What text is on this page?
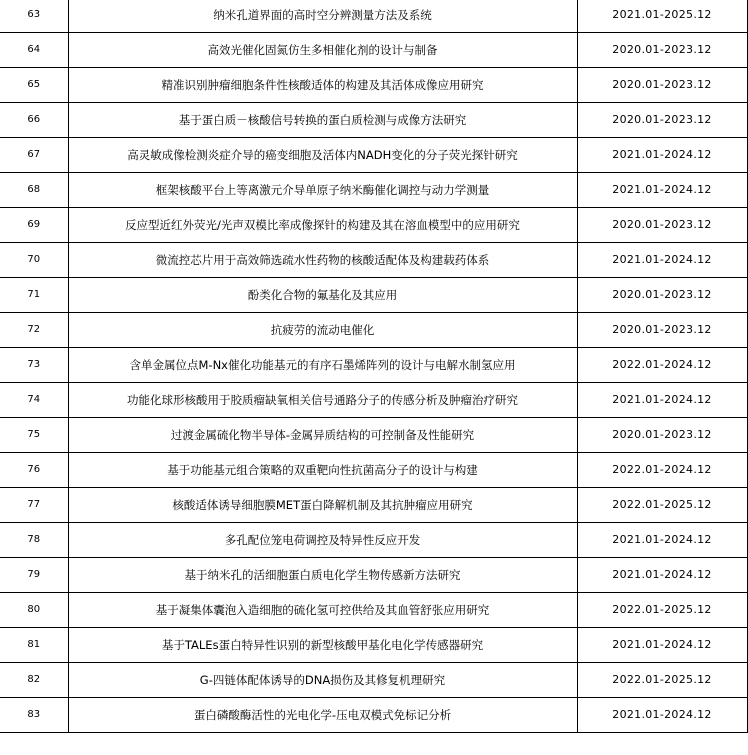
63	纳米孔道界面的高时空分辨测量方法及系统	2021.01-2025.12
64	高效光催化固氮仿生多相催化剂的设计与制备	2020.01-2023.12
65	精准识别肿瘤细胞条件性核酸适体的构建及其活体成像应用研究	2020.01-2023.12
66	基于蛋白质－核酸信号转换的蛋白质检测与成像方法研究	2020.01-2023.12
67	高灵敏成像检测炎症介导的癌变细胞及活体内NADH变化的分子荧光探针研究	2021.01-2024.12
68	框架核酸平台上等离激元介导单原子纳米酶催化调控与动力学测量	2021.01-2024.12
69	反应型近红外荧光/光声双模比率成像探针的构建及其在溶血模型中的应用研究	2020.01-2023.12
70	微流控芯片用于高效筛选疏水性药物的核酸适配体及构建载药体系	2021.01-2024.12
71	酚类化合物的氟基化及其应用	2020.01-2023.12
72	抗疲劳的流动电催化	2020.01-2023.12
73	含单金属位点M-Nx催化功能基元的有序石墨烯阵列的设计与电解水制氢应用	2022.01-2024.12
74	功能化球形核酸用于胶质瘤缺氧相关信号通路分子的传感分析及肿瘤治疗研究	2021.01-2024.12
75	过渡金属硫化物半导体-金属异质结构的可控制备及性能研究	2020.01-2023.12
76	基于功能基元组合策略的双重靶向性抗菌高分子的设计与构建	2022.01-2024.12
77	核酸适体诱导细胞膜MET蛋白降解机制及其抗肿瘤应用研究	2022.01-2025.12
78	多孔配位笼电荷调控及特异性反应开发	2021.01-2024.12
79	基于纳米孔的活细胞蛋白质电化学生物传感新方法研究	2021.01-2024.12
80	基于凝集体囊泡入造细胞的硫化氢可控供给及其血管舒张应用研究	2022.01-2025.12
81	基于TALEs蛋白特异性识别的新型核酸甲基化电化学传感器研究	2021.01-2024.12
82	G-四链体配体诱导的DNA损伤及其修复机理研究	2022.01-2025.12
83	蛋白磷酸酶活性的光电化学-压电双模式免标记分析	2021.01-2024.12
